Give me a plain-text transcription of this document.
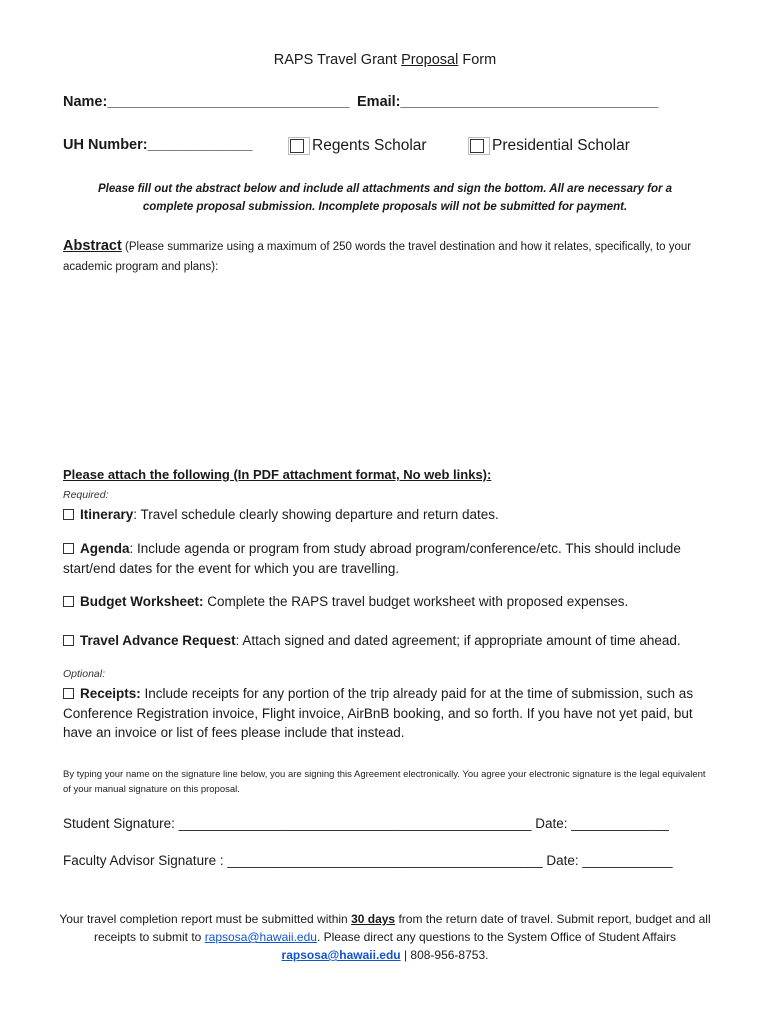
RAPS Travel Grant Proposal Form
Name:______________________________ Email:________________________________
UH Number:_____________	Regents Scholar	Presidential Scholar
Please fill out the abstract below and include all attachments and sign the bottom. All are necessary for a
complete proposal submission. Incomplete proposals will not be submitted for payment.
Abstract (Please summarize using a maximum of 250 words the travel destination and how it relates, specifically, to your academic program and plans):
Please attach the following (In PDF attachment format, No web links):
Required:
Itinerary: Travel schedule clearly showing departure and return dates.
Agenda: Include agenda or program from study abroad program/conference/etc. This should include start/end dates for the event for which you are travelling.
Budget Worksheet: Complete the RAPS travel budget worksheet with proposed expenses.
Travel Advance Request: Attach signed and dated agreement; if appropriate amount of time ahead.
Optional:
Receipts: Include receipts for any portion of the trip already paid for at the time of submission, such as Conference Registration invoice, Flight invoice, AirBnB booking, and so forth. If you have not yet paid, but have an invoice or list of fees please include that instead.
By typing your name on the signature line below, you are signing this Agreement electronically. You agree your electronic signature is the legal equivalent of your manual signature on this proposal.
Student Signature: _______________________________________________ Date: _____________
Faculty Advisor Signature : __________________________________________ Date: ____________
Your travel completion report must be submitted within 30 days from the return date of travel. Submit report, budget and all receipts to submit to rapsosa@hawaii.edu. Please direct any questions to the System Office of Student Affairs rapsosa@hawaii.edu | 808-956-8753.
